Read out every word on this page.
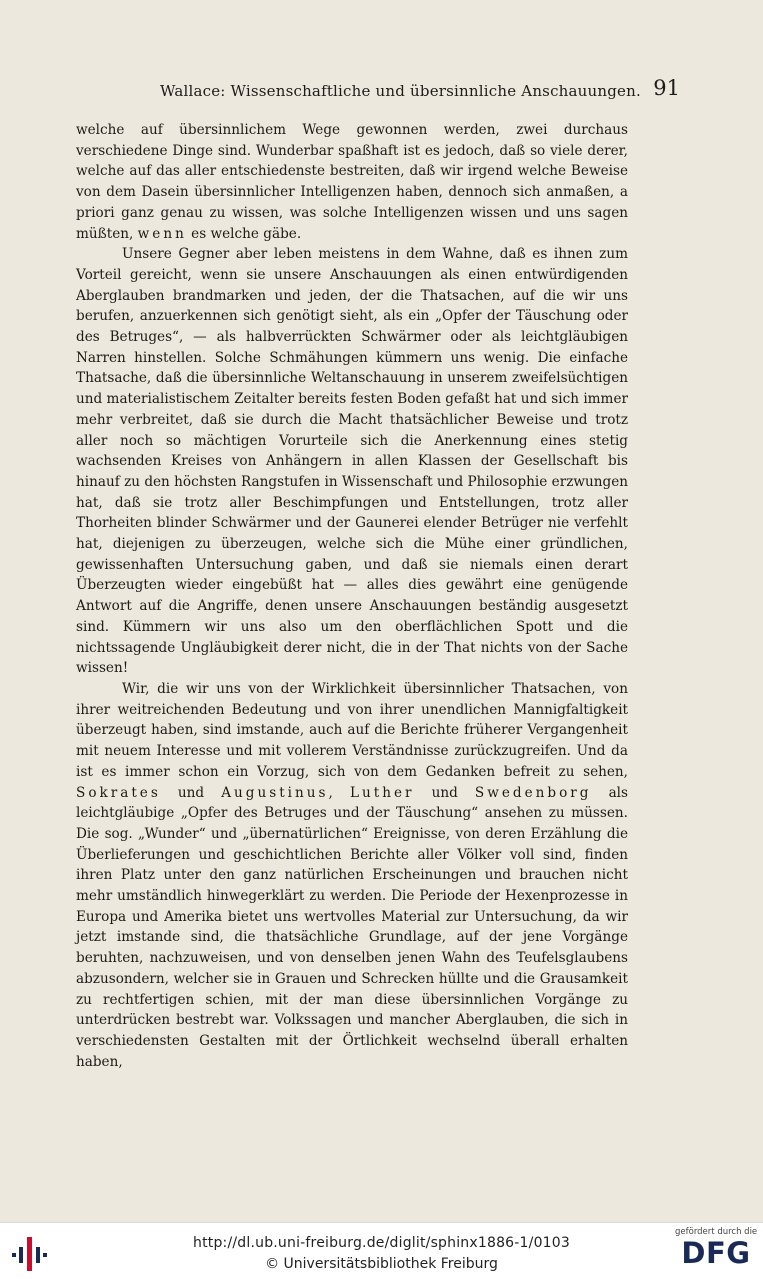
Wallace: Wissenschaftliche und übersinnliche Anschauungen. 91

welche auf übersinnlichem Wege gewonnen werden, zwei durchaus verschiedene Dinge sind. Wunderbar spaßhaft ist es jedoch, daß so viele derer, welche auf das aller entschiedenste bestreiten, daß wir irgend welche Beweise von dem Dasein übersinnlicher Intelligenzen haben, dennoch sich anmaßen, a priori ganz genau zu wissen, was solche Intelligenzen wissen und uns sagen müßten, wenn es welche gäbe.

Unsere Gegner aber leben meistens in dem Wahne, daß es ihnen zum Vorteil gereicht, wenn sie unsere Anschauungen als einen entwürdigenden Aberglauben brandmarken und jeden, der die Thatsachen, auf die wir uns berufen, anzuerkennen sich genötigt sieht, als ein „Opfer der Täuschung oder des Betruges“, — als halbverrückten Schwärmer oder als leichtgläubigen Narren hinstellen. Solche Schmähungen kümmern uns wenig. Die einfache Thatsache, daß die übersinnliche Weltanschauung in unserem zweifelsüchtigen und materialistischem Zeitalter bereits festen Boden gefaßt hat und sich immer mehr verbreitet, daß sie durch die Macht thatsächlicher Beweise und trotz aller noch so mächtigen Vorurteile sich die Anerkennung eines stetig wachsenden Kreises von Anhängern in allen Klassen der Gesellschaft bis hinauf zu den höchsten Rangstufen in Wissenschaft und Philosophie erzwungen hat, daß sie trotz aller Beschimpfungen und Entstellungen, trotz aller Thorheiten blinder Schwärmer und der Gaunerei elender Betrüger nie verfehlt hat, diejenigen zu überzeugen, welche sich die Mühe einer gründlichen, gewissenhaften Untersuchung gaben, und daß sie niemals einen derart Überzeugten wieder eingebüßt hat — alles dies gewährt eine genügende Antwort auf die Angriffe, denen unsere Anschauungen beständig ausgesetzt sind. Kümmern wir uns also um den oberflächlichen Spott und die nichtssagende Ungläubigkeit derer nicht, die in der That nichts von der Sache wissen!

Wir, die wir uns von der Wirklichkeit übersinnlicher Thatsachen, von ihrer weitreichenden Bedeutung und von ihrer unendlichen Mannigfaltigkeit überzeugt haben, sind imstande, auch auf die Berichte früherer Vergangenheit mit neuem Interesse und mit vollerem Verständnisse zurückzugreifen. Und da ist es immer schon ein Vorzug, sich von dem Gedanken befreit zu sehen, Sokrates und Augustinus, Luther und Swedenborg als leichtgläubige „Opfer des Betruges und der Täuschung“ ansehen zu müssen. Die sog. „Wunder“ und „übernatürlichen“ Ereignisse, von deren Erzählung die Überlieferungen und geschichtlichen Berichte aller Völker voll sind, finden ihren Platz unter den ganz natürlichen Erscheinungen und brauchen nicht mehr umständlich hinwegerklärt zu werden. Die Periode der Hexenprozesse in Europa und Amerika bietet uns wertvolles Material zur Untersuchung, da wir jetzt imstande sind, die thatsächliche Grundlage, auf der jene Vorgänge beruhten, nachzuweisen, und von denselben jenen Wahn des Teufelsglaubens abzusondern, welcher sie in Grauen und Schrecken hüllte und die Grausamkeit zu rechtfertigen schien, mit der man diese übersinnlichen Vorgänge zu unterdrücken bestrebt war. Volkssagen und mancher Aberglauben, die sich in verschiedensten Gestalten mit der Örtlichkeit wechselnd überall erhalten haben,

http://dl.ub.uni-freiburg.de/diglit/sphinx1886-1/0103
© Universitätsbibliothek Freiburg
gefördert durch die
DFG
